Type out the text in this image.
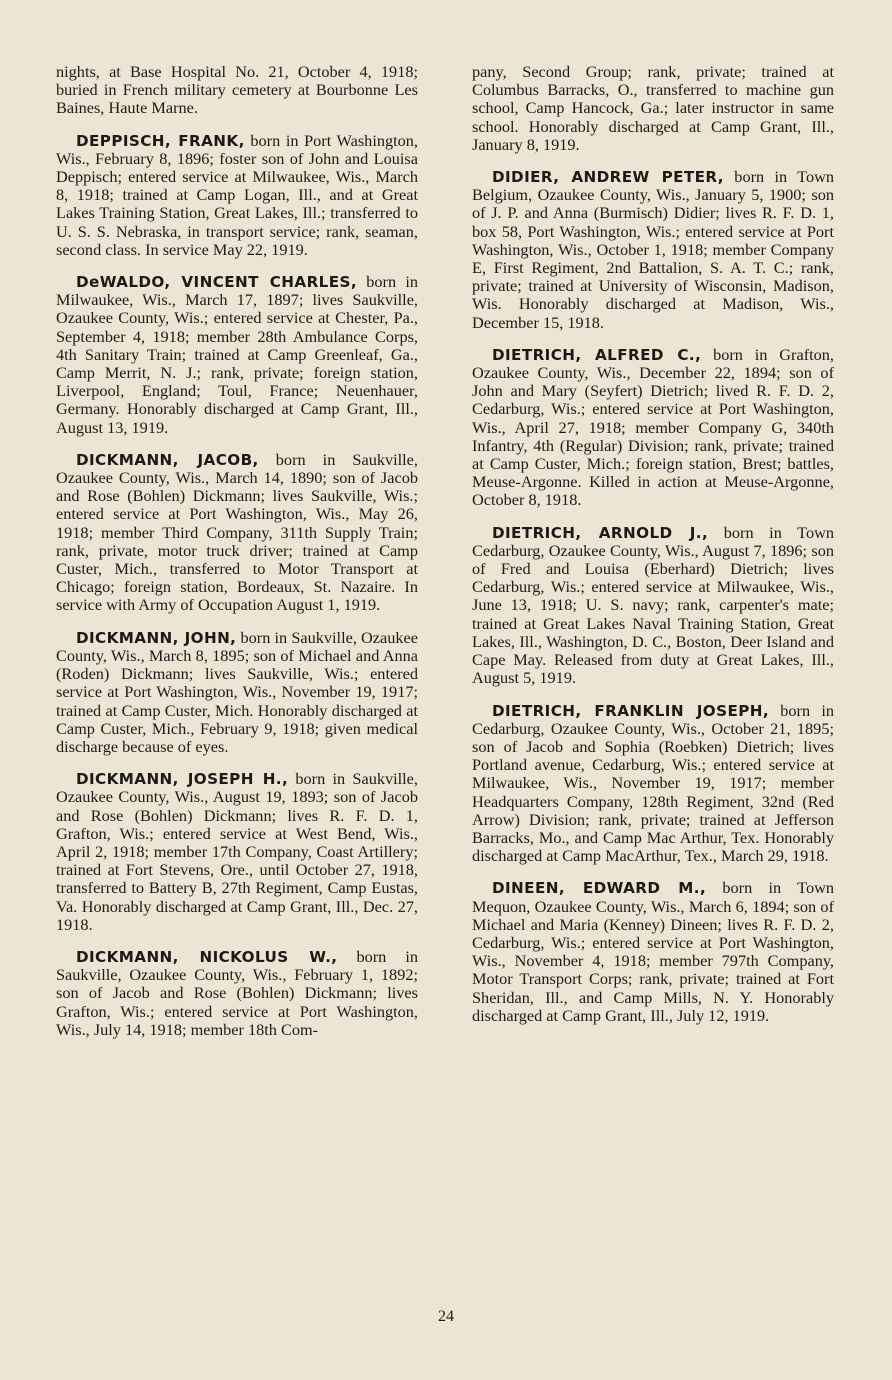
nights, at Base Hospital No. 21, October 4, 1918; buried in French military cemetery at Bourbonne Les Baines, Haute Marne.

DEPPISCH, FRANK, born in Port Washington, Wis., February 8, 1896; foster son of John and Louisa Deppisch; entered service at Milwaukee, Wis., March 8, 1918; trained at Camp Logan, Ill., and at Great Lakes Training Station, Great Lakes, Ill.; transferred to U. S. S. Nebraska, in transport service; rank, seaman, second class. In service May 22, 1919.

DeWALDO, VINCENT CHARLES, born in Milwaukee, Wis., March 17, 1897; lives Saukville, Ozaukee County, Wis.; entered service at Chester, Pa., September 4, 1918; member 28th Ambulance Corps, 4th Sanitary Train; trained at Camp Greenleaf, Ga., Camp Merrit, N. J.; rank, private; foreign station, Liverpool, England; Toul, France; Neuenhauer, Germany. Honorably discharged at Camp Grant, Ill., August 13, 1919.

DICKMANN, JACOB, born in Saukville, Ozaukee County, Wis., March 14, 1890; son of Jacob and Rose (Bohlen) Dickmann; lives Saukville, Wis.; entered service at Port Washington, Wis., May 26, 1918; member Third Company, 311th Supply Train; rank, private, motor truck driver; trained at Camp Custer, Mich., transferred to Motor Transport at Chicago; foreign station, Bordeaux, St. Nazaire. In service with Army of Occupation August 1, 1919.

DICKMANN, JOHN, born in Saukville, Ozaukee County, Wis., March 8, 1895; son of Michael and Anna (Roden) Dickmann; lives Saukville, Wis.; entered service at Port Washington, Wis., November 19, 1917; trained at Camp Custer, Mich. Honorably discharged at Camp Custer, Mich., February 9, 1918; given medical discharge because of eyes.

DICKMANN, JOSEPH H., born in Saukville, Ozaukee County, Wis., August 19, 1893; son of Jacob and Rose (Bohlen) Dickmann; lives R. F. D. 1, Grafton, Wis.; entered service at West Bend, Wis., April 2, 1918; member 17th Company, Coast Artillery; trained at Fort Stevens, Ore., until October 27, 1918, transferred to Battery B, 27th Regiment, Camp Eustas, Va. Honorably discharged at Camp Grant, Ill., Dec. 27, 1918.

DICKMANN, NICKOLUS W., born in Saukville, Ozaukee County, Wis., February 1, 1892; son of Jacob and Rose (Bohlen) Dickmann; lives Grafton, Wis.; entered service at Port Washington, Wis., July 14, 1918; member 18th Com-

pany, Second Group; rank, private; trained at Columbus Barracks, O., transferred to machine gun school, Camp Hancock, Ga.; later instructor in same school. Honorably discharged at Camp Grant, Ill., January 8, 1919.

DIDIER, ANDREW PETER, born in Town Belgium, Ozaukee County, Wis., January 5, 1900; son of J. P. and Anna (Burmisch) Didier; lives R. F. D. 1, box 58, Port Washington, Wis.; entered service at Port Washington, Wis., October 1, 1918; member Company E, First Regiment, 2nd Battalion, S. A. T. C.; rank, private; trained at University of Wisconsin, Madison, Wis. Honorably discharged at Madison, Wis., December 15, 1918.

DIETRICH, ALFRED C., born in Grafton, Ozaukee County, Wis., December 22, 1894; son of John and Mary (Seyfert) Dietrich; lived R. F. D. 2, Cedarburg, Wis.; entered service at Port Washington, Wis., April 27, 1918; member Company G, 340th Infantry, 4th (Regular) Division; rank, private; trained at Camp Custer, Mich.; foreign station, Brest; battles, Meuse-Argonne. Killed in action at Meuse-Argonne, October 8, 1918.

DIETRICH, ARNOLD J., born in Town Cedarburg, Ozaukee County, Wis., August 7, 1896; son of Fred and Louisa (Eberhard) Dietrich; lives Cedarburg, Wis.; entered service at Milwaukee, Wis., June 13, 1918; U. S. navy; rank, carpenter's mate; trained at Great Lakes Naval Training Station, Great Lakes, Ill., Washington, D. C., Boston, Deer Island and Cape May. Released from duty at Great Lakes, Ill., August 5, 1919.

DIETRICH, FRANKLIN JOSEPH, born in Cedarburg, Ozaukee County, Wis., October 21, 1895; son of Jacob and Sophia (Roebken) Dietrich; lives Portland avenue, Cedarburg, Wis.; entered service at Milwaukee, Wis., November 19, 1917; member Headquarters Company, 128th Regiment, 32nd (Red Arrow) Division; rank, private; trained at Jefferson Barracks, Mo., and Camp Mac Arthur, Tex. Honorably discharged at Camp MacArthur, Tex., March 29, 1918.

DINEEN, EDWARD M., born in Town Mequon, Ozaukee County, Wis., March 6, 1894; son of Michael and Maria (Kenney) Dineen; lives R. F. D. 2, Cedarburg, Wis.; entered service at Port Washington, Wis., November 4, 1918; member 797th Company, Motor Transport Corps; rank, private; trained at Fort Sheridan, Ill., and Camp Mills, N. Y. Honorably discharged at Camp Grant, Ill., July 12, 1919.

24
